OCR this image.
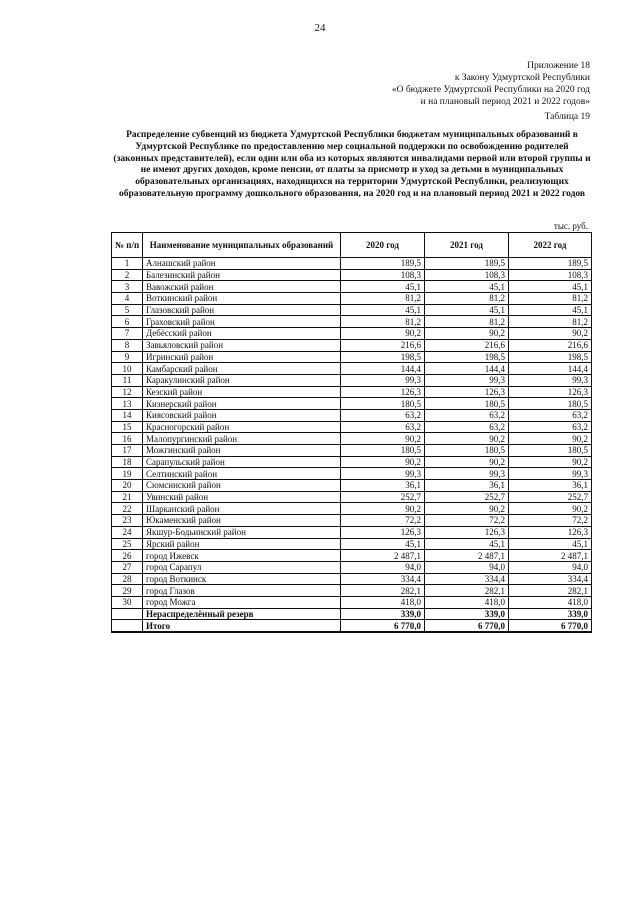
24
Приложение 18
к Закону Удмуртской Республики
«О бюджете Удмуртской Республики на 2020 год
и на плановый период 2021 и 2022 годов»
Таблица 19
Распределение субвенций из бюджета Удмуртской Республики бюджетам муниципальных образований в Удмуртской Республике по предоставлению мер социальной поддержки по освобождению родителей (законных представителей), если один или оба из которых являются инвалидами первой или второй группы и не имеют других доходов, кроме пенсии, от платы за присмотр и уход за детьми в муниципальных образовательных организациях, находящихся на территории Удмуртской Республики, реализующих образовательную программу дошкольного образования, на 2020 год и на плановый период 2021 и 2022 годов
тыс. руб.
№ п/п	Наименование муниципальных образований	2020 год	2021 год	2022 год
1	Алнашский район	189,5	189,5	189,5
2	Балезинский район	108,3	108,3	108,3
3	Вавожский район	45,1	45,1	45,1
4	Воткинский район	81,2	81,2	81,2
5	Глазовский район	45,1	45,1	45,1
6	Граховский район	81,2	81,2	81,2
7	Дебёсский район	90,2	90,2	90,2
8	Завьяловский район	216,6	216,6	216,6
9	Игринский район	198,5	198,5	198,5
10	Камбарский район	144,4	144,4	144,4
11	Каракулинский район	99,3	99,3	99,3
12	Кезский район	126,3	126,3	126,3
13	Кизнерский район	180,5	180,5	180,5
14	Киясовский район	63,2	63,2	63,2
15	Красногорский район	63,2	63,2	63,2
16	Малопургинский район	90,2	90,2	90,2
17	Можгинский район	180,5	180,5	180,5
18	Сарапульский район	90,2	90,2	90,2
19	Селтинский район	99,3	99,3	99,3
20	Сюмсинский район	36,1	36,1	36,1
21	Увинский район	252,7	252,7	252,7
22	Шарканский район	90,2	90,2	90,2
23	Юкаменский район	72,2	72,2	72,2
24	Якшур-Бодьинский район	126,3	126,3	126,3
25	Ярский район	45,1	45,1	45,1
26	город Ижевск	2 487,1	2 487,1	2 487,1
27	город Сарапул	94,0	94,0	94,0
28	город Воткинск	334,4	334,4	334,4
29	город Глазов	282,1	282,1	282,1
30	город Можга	418,0	418,0	418,0
	Нераспределённый резерв	339,0	339,0	339,0
	Итого	6 770,0	6 770,0	6 770,0
